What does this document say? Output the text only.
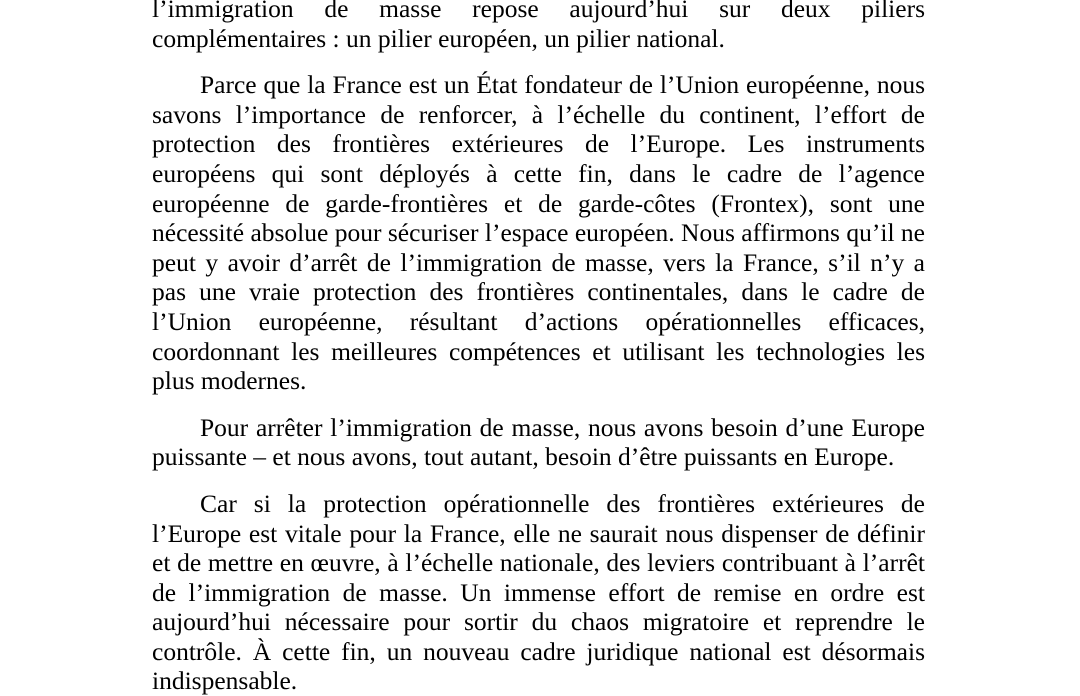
l’immigration de masse repose aujourd’hui sur deux piliers complémentaires : un pilier européen, un pilier national.

Parce que la France est un État fondateur de l’Union européenne, nous savons l’importance de renforcer, à l’échelle du continent, l’effort de protection des frontières extérieures de l’Europe. Les instruments européens qui sont déployés à cette fin, dans le cadre de l’agence européenne de garde-frontières et de garde-côtes (Frontex), sont une nécessité absolue pour sécuriser l’espace européen. Nous affirmons qu’il ne peut y avoir d’arrêt de l’immigration de masse, vers la France, s’il n’y a pas une vraie protection des frontières continentales, dans le cadre de l’Union européenne, résultant d’actions opérationnelles efficaces, coordonnant les meilleures compétences et utilisant les technologies les plus modernes.

Pour arrêter l’immigration de masse, nous avons besoin d’une Europe puissante – et nous avons, tout autant, besoin d’être puissants en Europe.

Car si la protection opérationnelle des frontières extérieures de l’Europe est vitale pour la France, elle ne saurait nous dispenser de définir et de mettre en œuvre, à l’échelle nationale, des leviers contribuant à l’arrêt de l’immigration de masse. Un immense effort de remise en ordre est aujourd’hui nécessaire pour sortir du chaos migratoire et reprendre le contrôle. À cette fin, un nouveau cadre juridique national est désormais indispensable.
